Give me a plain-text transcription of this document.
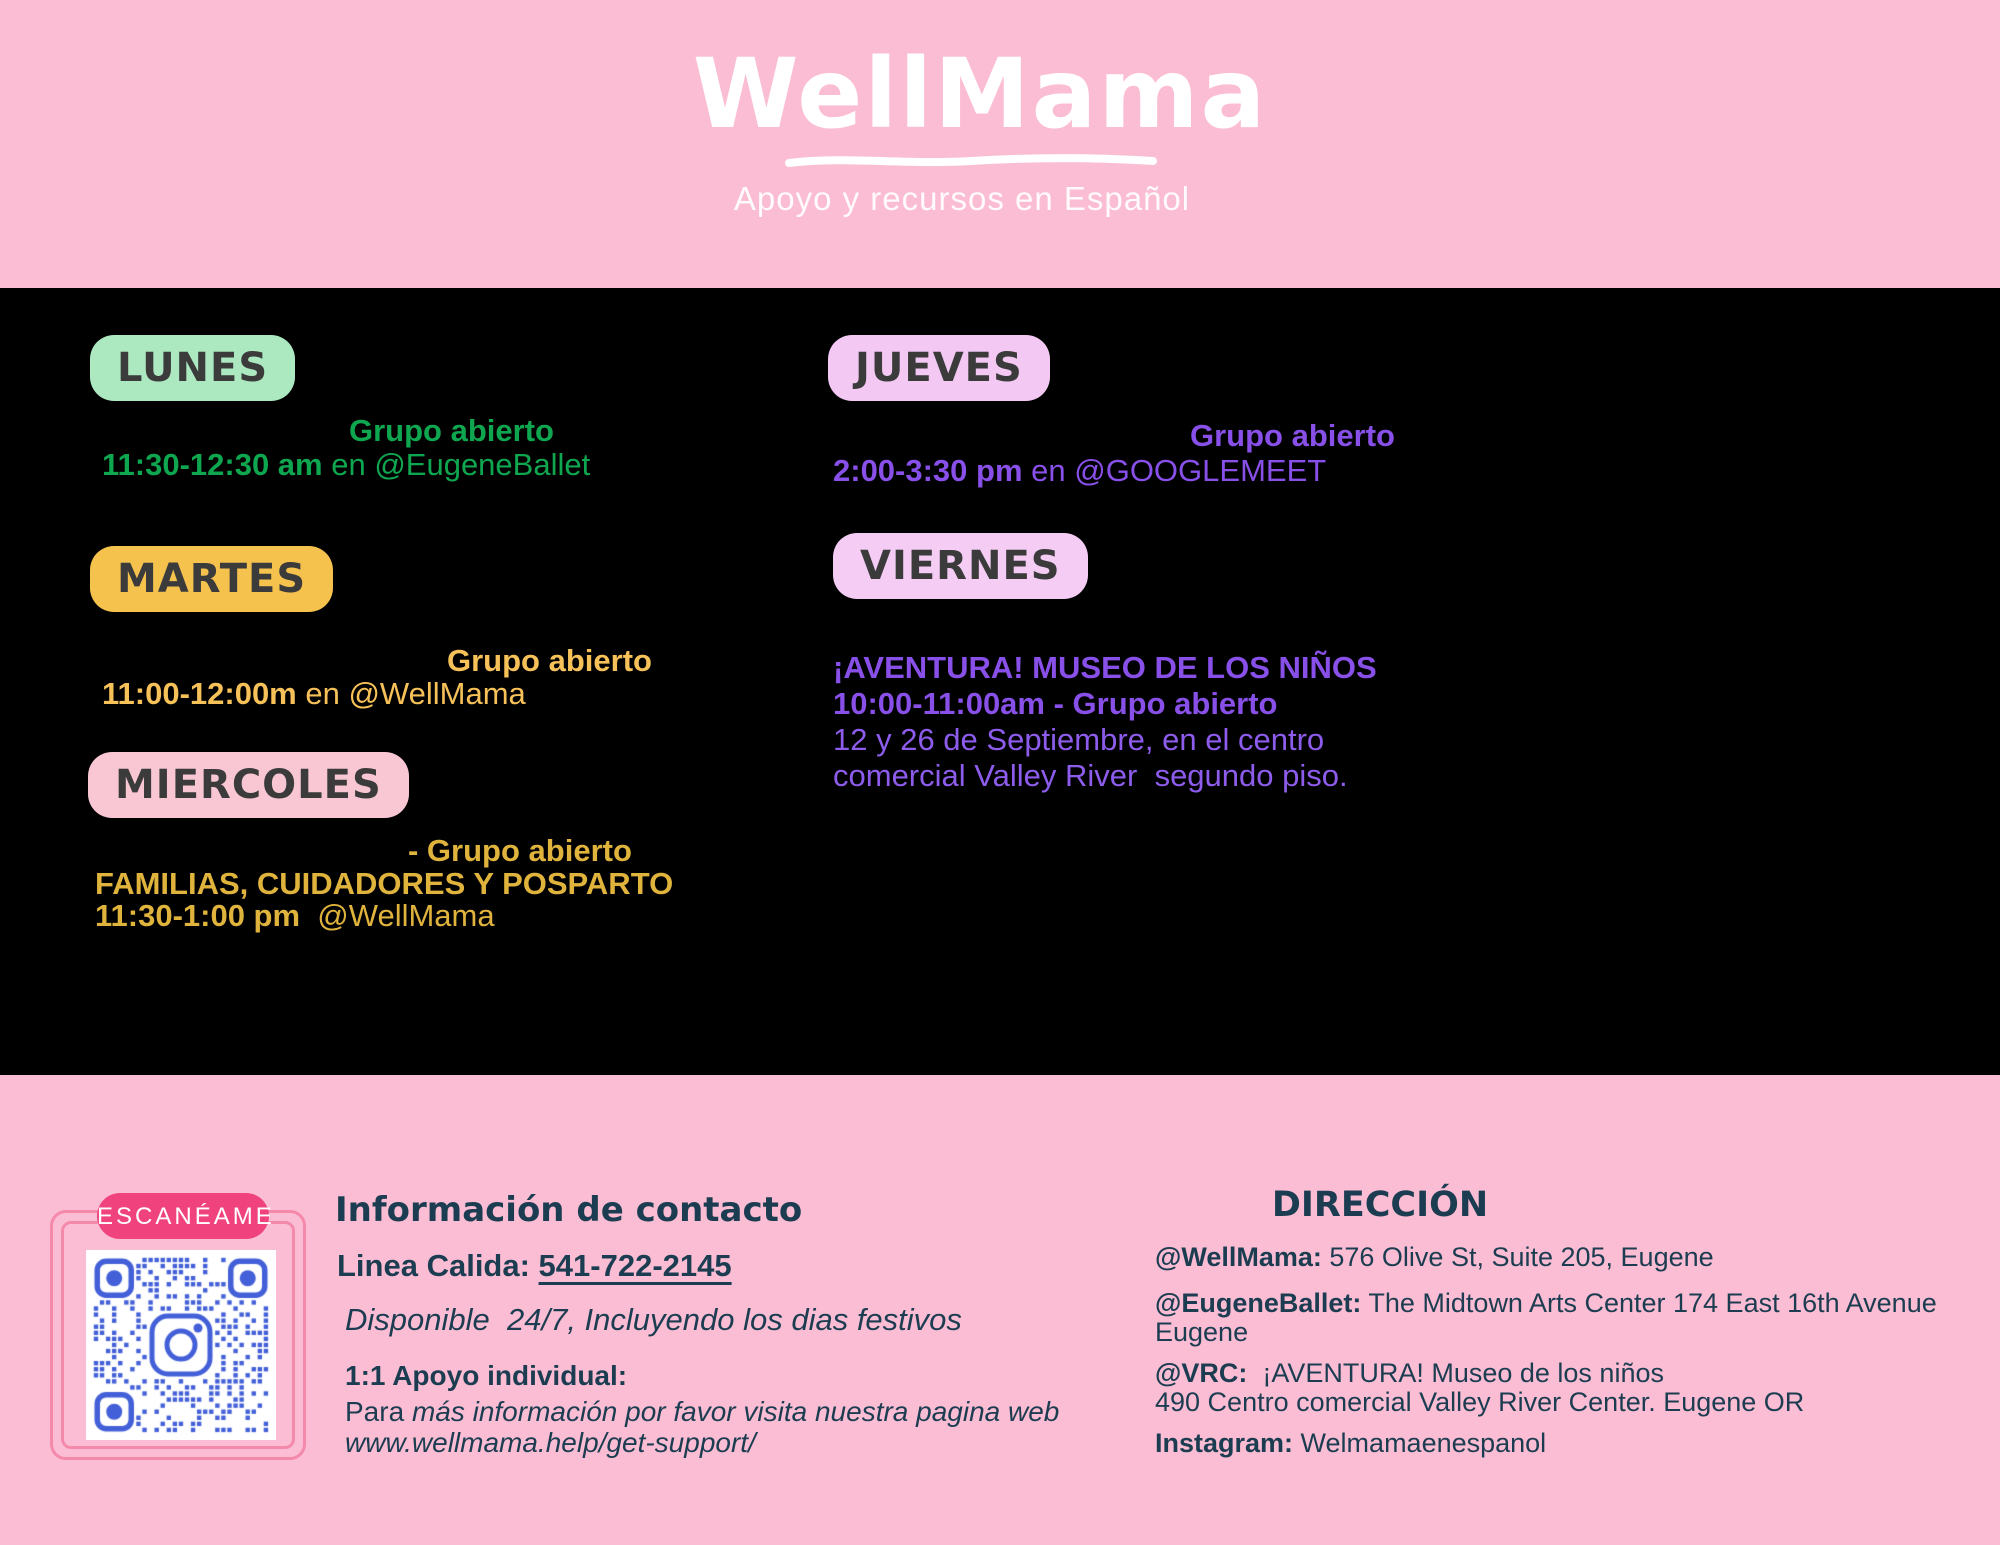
WellMama
Apoyo y recursos en Español
LUNES
Grupo abierto
11:30-12:30 am en @EugeneBallet
MARTES
Grupo abierto
11:00-12:00m en @WellMama
MIERCOLES
- Grupo abierto
FAMILIAS, CUIDADORES Y POSPARTO
11:30-1:00 pm  @WellMama
JUEVES
Grupo abierto
2:00-3:30 pm en @GOOGLEMEET
VIERNES
¡AVENTURA! MUSEO DE LOS NIÑOS
10:00-11:00am - Grupo abierto
12 y 26 de Septiembre, en el centro
comercial Valley River  segundo piso.
ESCANÉAME Información de contacto
Linea Calida: 541-722-2145
Disponible  24/7, Incluyendo los dias festivos
1:1 Apoyo individual:
Para más información por favor visita nuestra pagina web
www.wellmama.help/get-support/
DIRECCIÓN
@WellMama: 576 Olive St, Suite 205, Eugene
@EugeneBallet: The Midtown Arts Center 174 East 16th Avenue Eugene
@VRC:  ¡AVENTURA! Museo de los niños
490 Centro comercial Valley River Center. Eugene OR
Instagram: Welmamaenespanol
